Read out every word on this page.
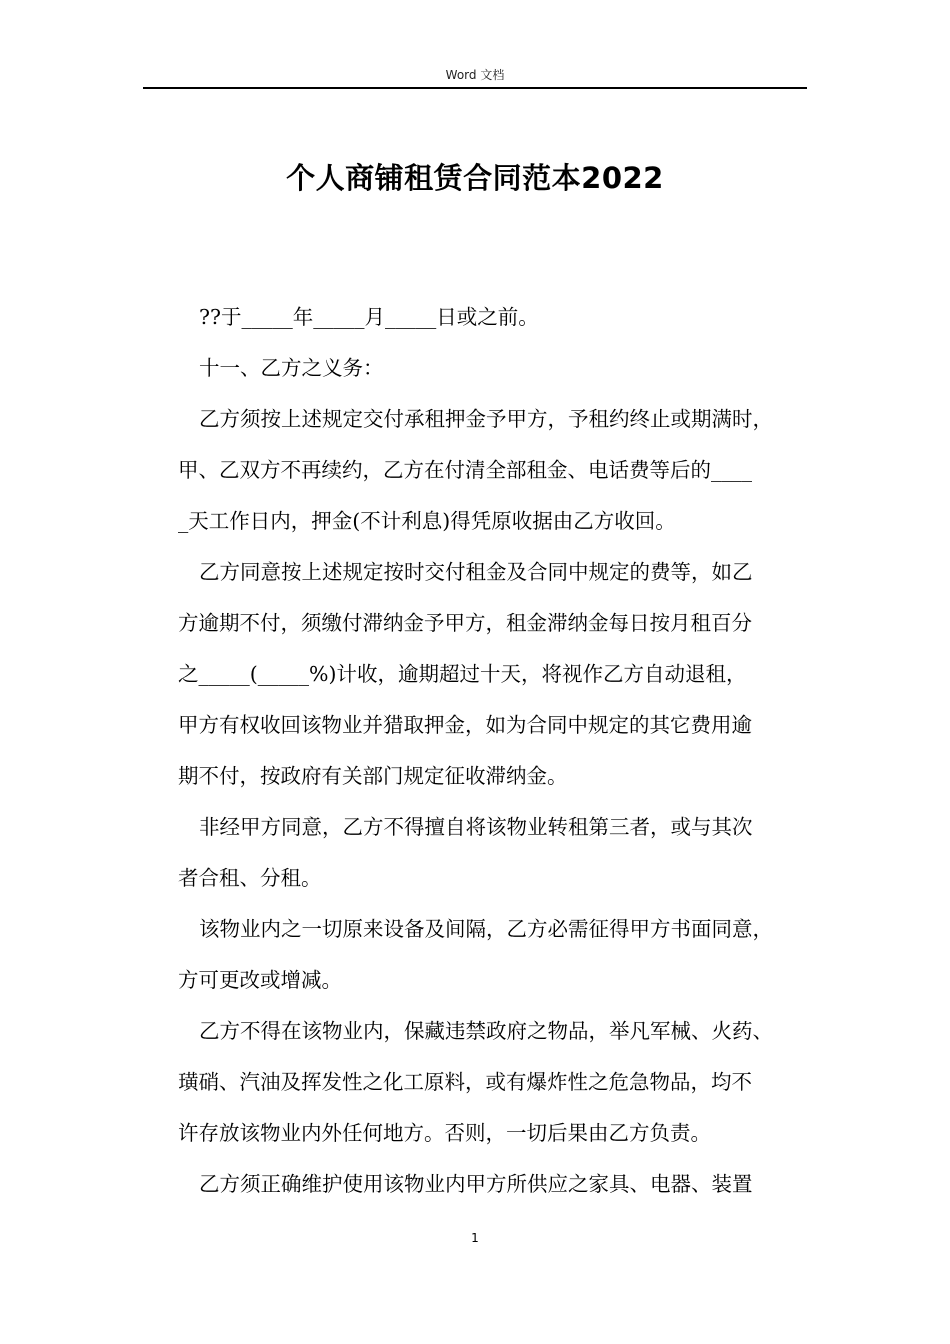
Word 文档
个人商铺租赁合同范本2022
??于_____年_____月_____日或之前。
十一、乙方之义务：
乙方须按上述规定交付承租押金予甲方，予租约终止或期满时，
甲、乙双方不再续约，乙方在付清全部租金、电话费等后的____
_天工作日内，押金(不计利息)得凭原收据由乙方收回。
乙方同意按上述规定按时交付租金及合同中规定的费等，如乙
方逾期不付，须缴付滞纳金予甲方，租金滞纳金每日按月租百分
之_____(_____%)计收，逾期超过十天，将视作乙方自动退租，
甲方有权收回该物业并猎取押金，如为合同中规定的其它费用逾
期不付，按政府有关部门规定征收滞纳金。
非经甲方同意，乙方不得擅自将该物业转租第三者，或与其次
者合租、分租。
该物业内之一切原来设备及间隔，乙方必需征得甲方书面同意，
方可更改或增减。
乙方不得在该物业内，保藏违禁政府之物品，举凡军械、火药、
璜硝、汽油及挥发性之化工原料，或有爆炸性之危急物品，均不
许存放该物业内外任何地方。否则，一切后果由乙方负责。
乙方须正确维护使用该物业内甲方所供应之家具、电器、装置
1
